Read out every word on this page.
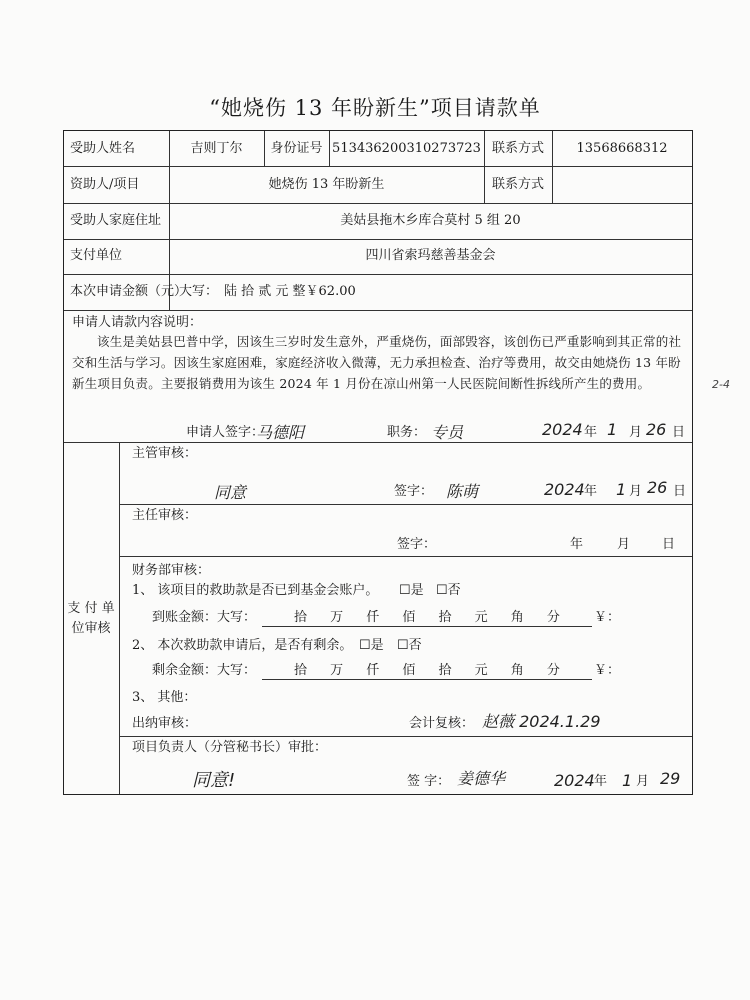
“她烧伤 13 年盼新生”项目请款单
受助人姓名	吉则丁尔	身份证号 513436200310273723 联系方式	13568668312
资助人/项目	她烧伤 13 年盼新生	联系方式
受助人家庭住址	美姑县拖木乡库合莫村 5 组 20
支付单位	四川省索玛慈善基金会
本次申请金额（元）
大写： 陆 拾 贰 元 整￥62.00
申请人请款内容说明：
该生是美姑县巴普中学，因该生三岁时发生意外，严重烧伤，面部毁容，该创伤已严重影响到其正常的社交和生活与学习。因该生家庭困难，家庭经济收入微薄，无力承担检查、治疗等费用，故交由她烧伤 13 年盼新生项目负责。主要报销费用为该生 2024 年 1 月份在凉山州第一人民医院间断性拆线所产生的费用。
申请人签字：
马德阳	职务： 专员	2024 年 1 月 26 日
支 付 单 位审核
主管审核：
同意	签字： 陈萌	2024 年 1 月 26 日
主任审核：
签字：	年	月 日
财务部审核：
1、 该项目的救助款是否已到基金会账户。 ☐是 ☐否
到账金额：大写：	拾 万 仟 佰 拾 元 角 分	￥：
2、 本次救助款申请后，是否有剩余。 ☐是 ☐否
剩余金额：大写：	拾 万 仟 佰 拾 元 角 分	￥：
3、 其他：
出纳审核：	会计复核： 赵薇 2024.1.29
项目负责人（分管秘书长）审批：
同意!	签 字： 姜德华	2024 年 1 月 29
2-4
